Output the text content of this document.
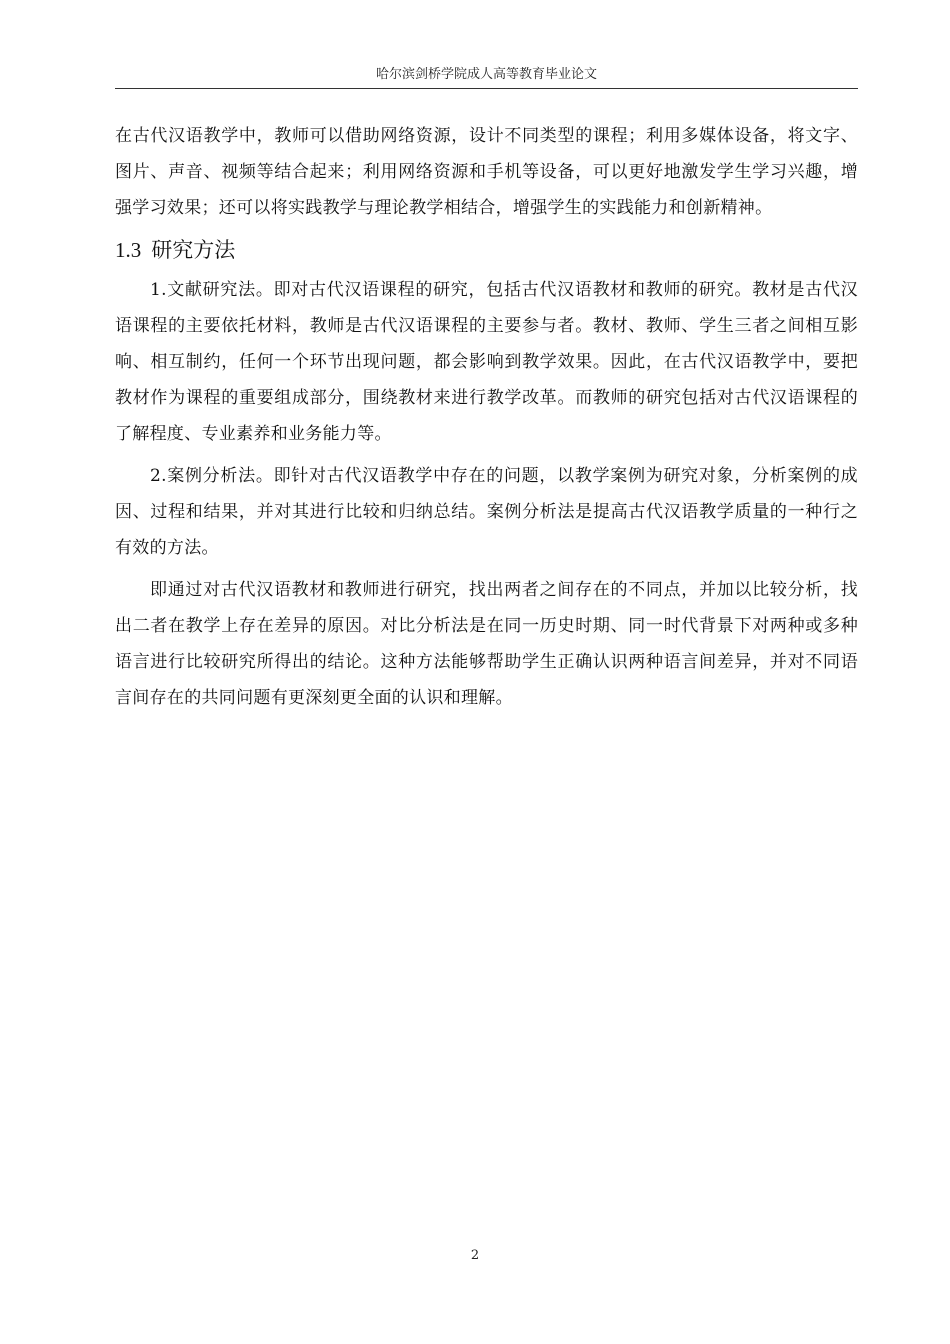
哈尔滨剑桥学院成人高等教育毕业论文

在古代汉语教学中，教师可以借助网络资源，设计不同类型的课程；利用多媒体设备，将文字、图片、声音、视频等结合起来；利用网络资源和手机等设备，可以更好地激发学生学习兴趣，增强学习效果；还可以将实践教学与理论教学相结合，增强学生的实践能力和创新精神。

1.3 研究方法

1.文献研究法。即对古代汉语课程的研究，包括古代汉语教材和教师的研究。教材是古代汉语课程的主要依托材料，教师是古代汉语课程的主要参与者。教材、教师、学生三者之间相互影响、相互制约，任何一个环节出现问题，都会影响到教学效果。因此，在古代汉语教学中，要把教材作为课程的重要组成部分，围绕教材来进行教学改革。而教师的研究包括对古代汉语课程的了解程度、专业素养和业务能力等。

2.案例分析法。即针对古代汉语教学中存在的问题，以教学案例为研究对象，分析案例的成因、过程和结果，并对其进行比较和归纳总结。案例分析法是提高古代汉语教学质量的一种行之有效的方法。

即通过对古代汉语教材和教师进行研究，找出两者之间存在的不同点，并加以比较分析，找出二者在教学上存在差异的原因。对比分析法是在同一历史时期、同一时代背景下对两种或多种语言进行比较研究所得出的结论。这种方法能够帮助学生正确认识两种语言间差异，并对不同语言间存在的共同问题有更深刻更全面的认识和理解。

2
